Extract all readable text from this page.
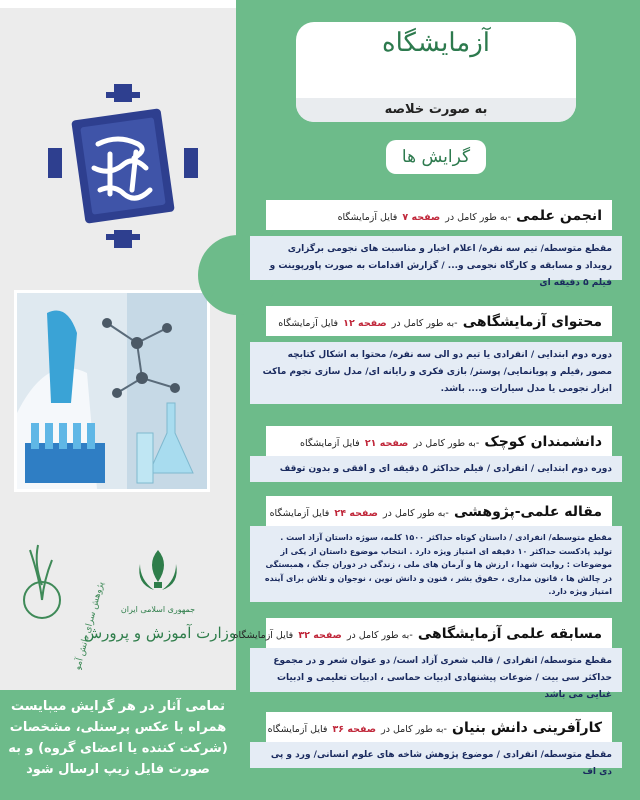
جمهوری اسلامی ایران
وزارت آموزش و پرورش
پژوهش سرای دانش آموزی

تمامی آثار در هر گرایش میبایست همراه با عکس پرسنلی، مشخصات (شرکت کننده یا اعضای گروه) و به صورت فایل زیپ ارسال شود

آزمایشگاه
به صورت خلاصه
گرایش ها
انجمن علمی -به طور کامل در صفحه ۷ فایل آزمایشگاه
مقطع متوسطه/ تیم سه نفره/ اعلام اخبار و مناسبت های نجومی برگزاری رویداد و مسابقه و کارگاه نجومی و... / گزارش اقدامات به صورت پاورپوینت و فیلم ۵ دقیقه ای
محتوای آزمایشگاهی -به طور کامل در صفحه ۱۲ فایل آزمایشگاه
دوره دوم ابتدایی / انفرادی یا تیم دو الی سه نفره/ محتوا به اشکال کتابچه مصور ,فیلم و پویانمایی/ پوستر/ بازی فکری و رایانه ای/ مدل سازی نجوم ماکت ابزار نجومی یا مدل سیارات و.... باشد.
دانشمندان کوچک -به طور کامل در صفحه ۲۱ فایل آزمایشگاه
دوره دوم ابتدایی / انفرادی / فیلم حداکثر ۵ دقیقه ای و افقی و بدون توقف
مقاله علمی-پژوهشی -به طور کامل در صفحه ۲۴ فایل آزمایشگاه
مقطع متوسطه/ انفرادی / داستان کوتاه حداکثر ۱۵۰۰ کلمه، سوژه داستان آزاد است . تولید پادکست حداکثر ۱۰ دقیقه ای امتیاز ویژه دارد . انتخاب موضوع داستان از یکی از موضوعات : روایت شهدا ، ارزش ها و آرمان های ملی ، زندگی در دوران جنگ ، همبستگی در چالش ها ، قانون مداری ، حقوق بشر ، فنون و دانش نوین ، نوجوان و تلاش برای آینده امتیاز ویژه دارد.
مسابقه علمی آزمایشگاهی -به طور کامل در صفحه ۳۲ فایل آزمایشگاه
مقطع متوسطه/ انفرادی / قالب شعری آزاد است/ دو عنوان شعر و در مجموع حداکثر سی بیت / ضوعات پیشنهادی ادبیات حماسی ، ادبیات تعلیمی و ادبیات غنایی می باشد
کارآفرینی دانش بنیان -به طور کامل در صفحه ۳۶ فایل آزمایشگاه
مقطع متوسطه/ انفرادی / موضوع پژوهش شاخه های علوم انسانی/ ورد و پی دی اف
